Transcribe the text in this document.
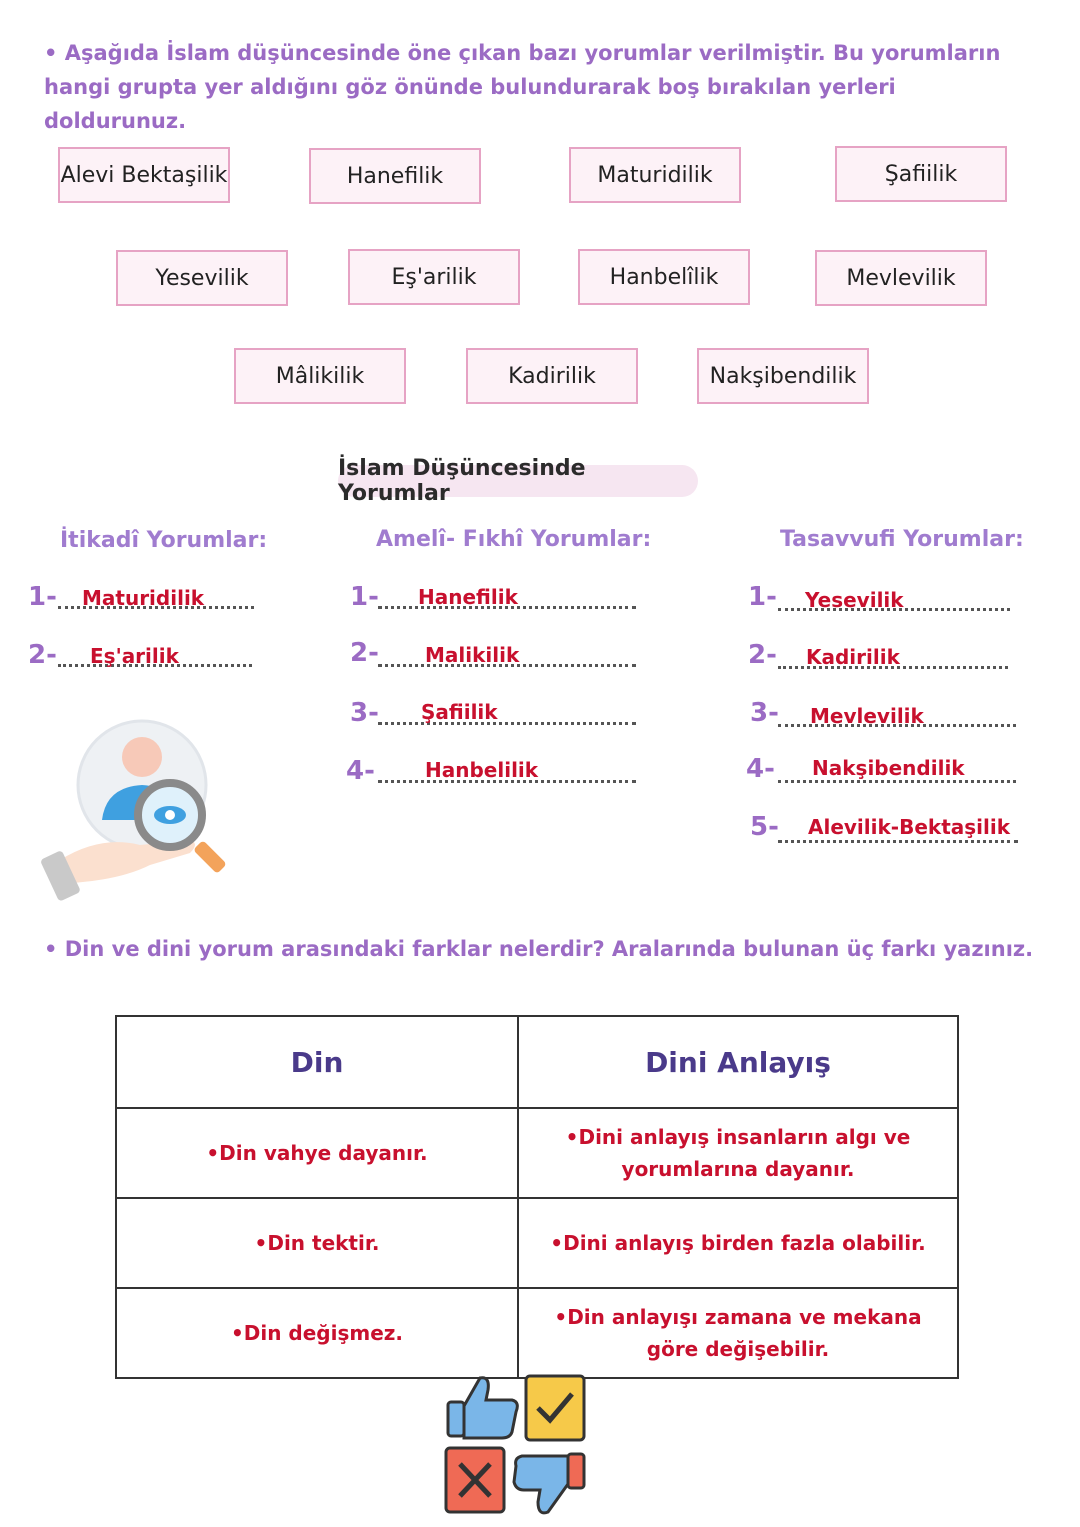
• Aşağıda İslam düşüncesinde öne çıkan bazı yorumlar verilmiştir. Bu yorumların hangi grupta yer aldığını göz önünde bulundurarak boş bırakılan yerleri doldurunuz.
Alevi Bektaşilik	Hanefilik	Maturidilik	Şafiilik
Yesevilik	Eş'arilik	Hanbelîlik	Mevlevilik
Mâlikilik	Kadirilik	Nakşibendilik
İslam Düşüncesinde Yorumlar
İtikadî Yorumlar:	Amelî- Fıkhî Yorumlar:	Tasavvufi Yorumlar:
1- Maturidilik
2- Eş'arilik
1- Hanefilik
2- Malikilik
3- Şafiilik
4-	Hanbelilik
1- Yesevilik
2- Kadirilik
3- Mevlevilik
4- Nakşibendilik
5- Alevilik-Bektaşilik
• Din ve dini yorum arasındaki farklar nelerdir? Aralarında bulunan üç farkı yazınız.
Din	Dini Anlayış
• Din vahye dayanır.	• Dini anlayış insanların algı ve yorumlarına dayanır.
• Din tektir.	• Dini anlayış birden fazla olabilir.
• Din değişmez.	• Din anlayışı zamana ve mekana göre değişebilir.
